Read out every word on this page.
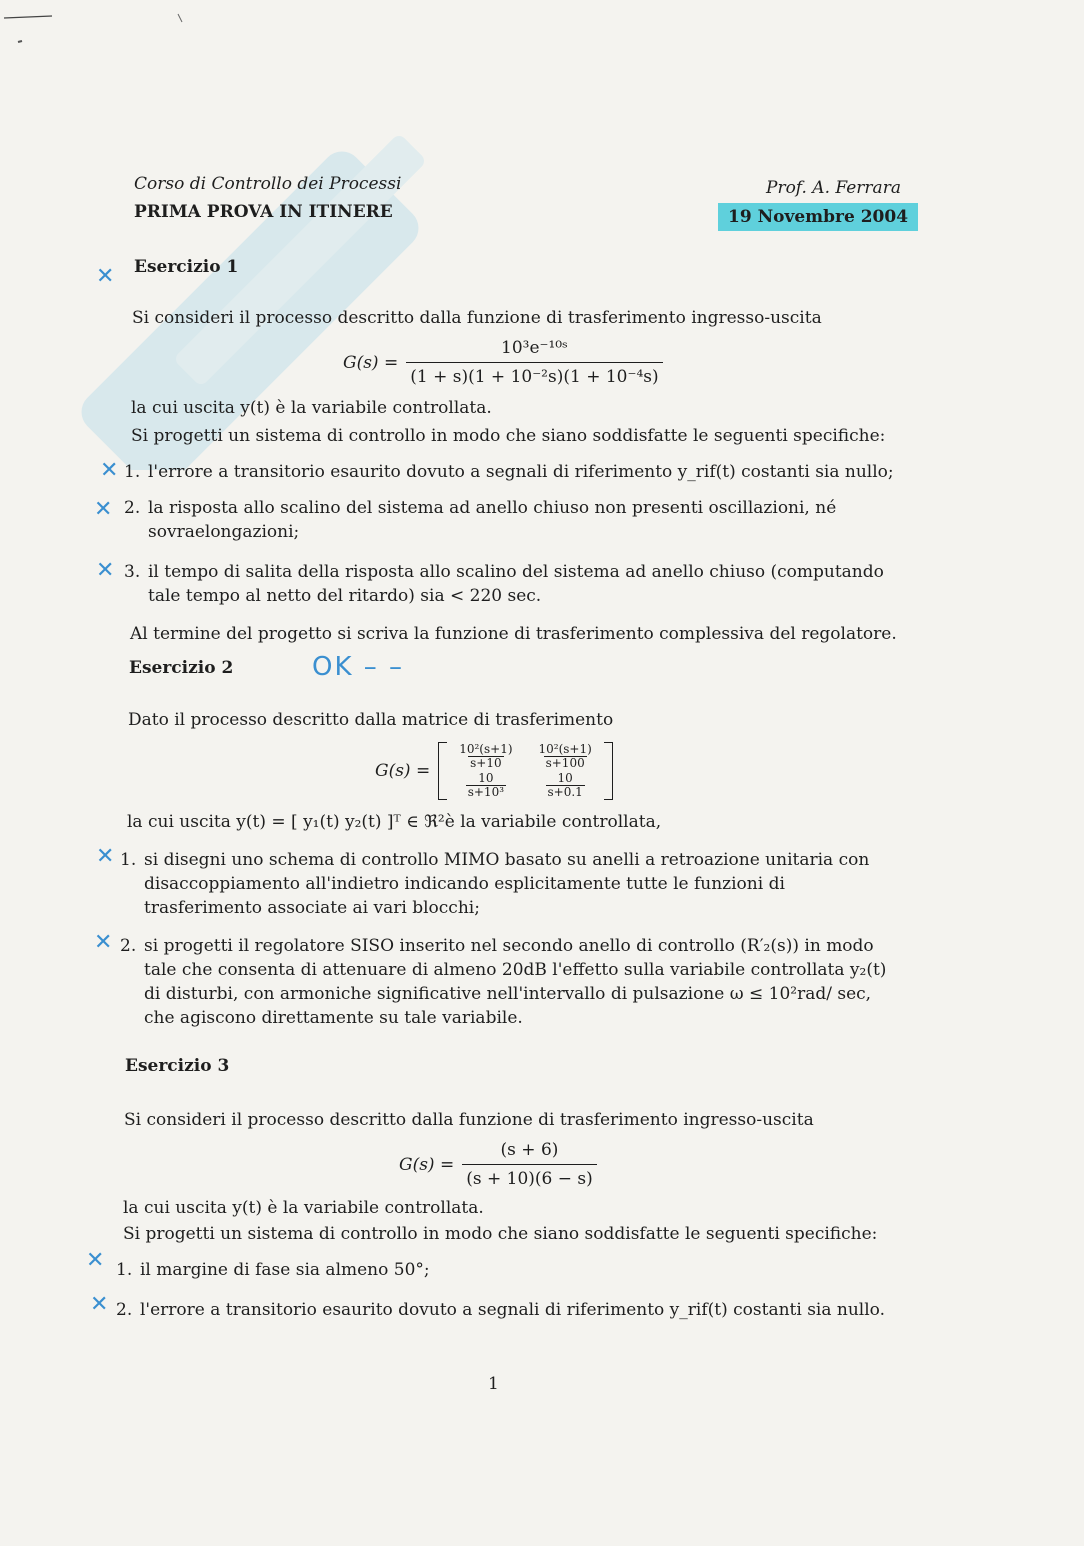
Corso di Controllo dei Processi
PRIMA PROVA IN ITINERE
Prof. A. Ferrara
19 Novembre 2004
✕ Esercizio 1
Si consideri il processo descritto dalla funzione di trasferimento ingresso-uscita
$G(s) = \frac{\text{10³e⁻¹⁰ˢ}}{\text{(1 + s)(1 + 10⁻²s)(1 + 10⁻⁴s)}}$
la cui uscita y(t) è la variabile controllata.
Si progetti un sistema di controllo in modo che siano soddisfatte le seguenti specifiche:
✕ 1. l'errore a transitorio esaurito dovuto a segnali di riferimento y_rif(t) costanti sia nullo;
✕ 2. la risposta allo scalino del sistema ad anello chiuso non presenti oscillazioni, né sovraelongazioni;
✕ 3. il tempo di salita della risposta allo scalino del sistema ad anello chiuso (computando tale tempo al netto del ritardo) sia < 220 sec.
Al termine del progetto si scriva la funzione di trasferimento complessiva del regolatore.
Esercizio 2	OK – –
Dato il processo descritto dalla matrice di trasferimento
G(s) =
$\frac{\text{10²(s+1)}}{s+10} \frac{\text{10²(s+1)}}{s+100}$
$\frac{10}{\text{s+10³}} \frac{10}{s+0.1}$
la cui uscita y(t) = [ y₁(t) y₂(t) ]ᵀ ∈ ℜ²è la variabile controllata,
✕ 1. si disegni uno schema di controllo MIMO basato su anelli a retroazione unitaria con disaccoppiamento all'indietro indicando esplicitamente tutte le funzioni di trasferimento associate ai vari blocchi;
✕ 2. si progetti il regolatore SISO inserito nel secondo anello di controllo (R′₂(s)) in modo tale che consenta di attenuare di almeno 20dB l'effetto sulla variabile controllata y₂(t) di disturbi, con armoniche significative nell'intervallo di pulsazione ω ≤ 10²rad/ sec, che agiscono direttamente su tale variabile.
Esercizio 3
Si consideri il processo descritto dalla funzione di trasferimento ingresso-uscita
$G(s) = \frac{(s + 6)}{(s + 10)(6 - s)}$
la cui uscita y(t) è la variabile controllata.
Si progetti un sistema di controllo in modo che siano soddisfatte le seguenti specifiche:
✕ 1. il margine di fase sia almeno 50°;
✕ 2. l'errore a transitorio esaurito dovuto a segnali di riferimento y_rif(t) costanti sia nullo.
1
